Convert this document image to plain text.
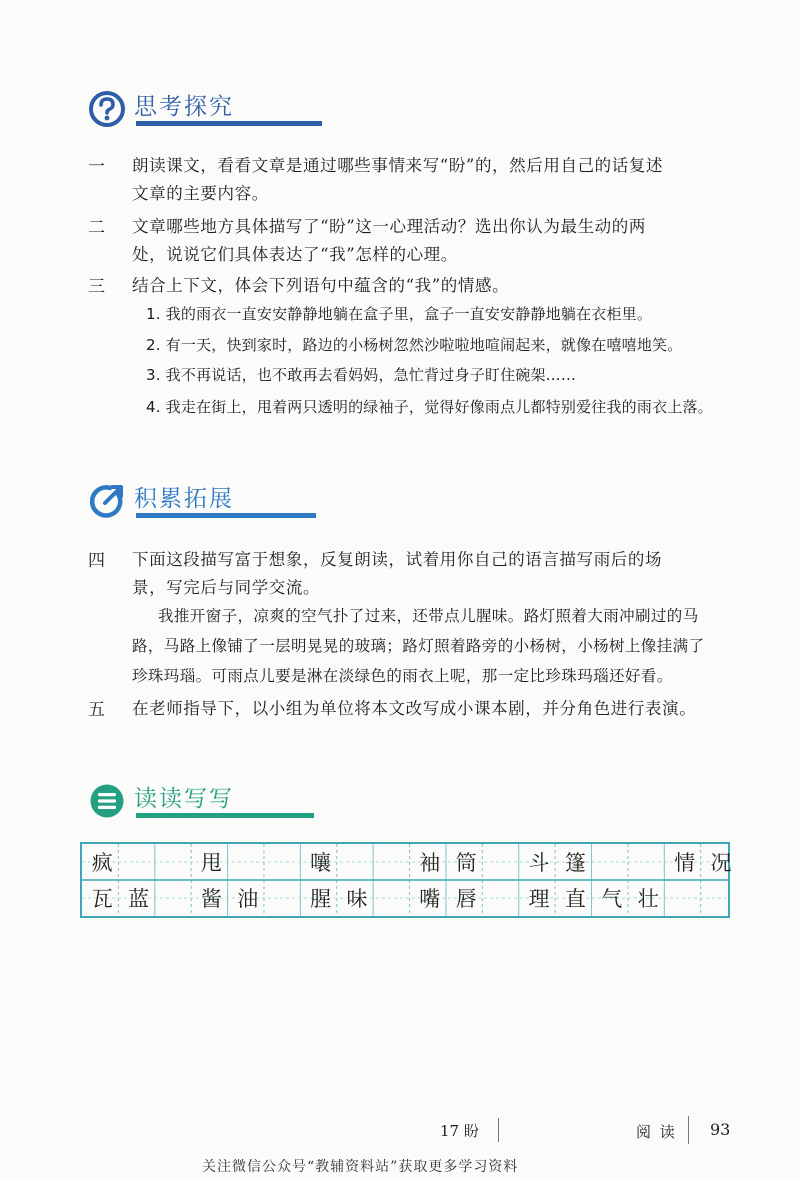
思考探究
一 朗读课文，看看文章是通过哪些事情来写“盼”的，然后用自己的话复述
文章的主要内容。
二 文章哪些地方具体描写了“盼”这一心理活动？选出你认为最生动的两
处，说说它们具体表达了“我”怎样的心理。
三 结合上下文，体会下列语句中蕴含的“我”的情感。
1. 我的雨衣一直安安静静地躺在盒子里，盒子一直安安静静地躺在衣柜里。
2. 有一天，快到家时，路边的小杨树忽然沙啦啦地喧闹起来，就像在嘻嘻地笑。
3. 我不再说话，也不敢再去看妈妈，急忙背过身子盯住碗架……
4. 我走在街上，甩着两只透明的绿袖子，觉得好像雨点儿都特别爱往我的雨衣上落。
积累拓展
四 下面这段描写富于想象，反复朗读，试着用你自己的语言描写雨后的场
景，写完后与同学交流。
我推开窗子，凉爽的空气扑了过来，还带点儿腥味。路灯照着大雨冲刷过的马
路，马路上像铺了一层明晃晃的玻璃；路灯照着路旁的小杨树，小杨树上像挂满了
珍珠玛瑙。可雨点儿要是淋在淡绿色的雨衣上呢，那一定比珍珠玛瑙还好看。
五 在老师指导下，以小组为单位将本文改写成小课本剧，并分角色进行表演。
读读写写
疯	甩	嚷	袖 筒	斗 篷	情 况
瓦 蓝	酱 油	腥 味	嘴 唇	理 直 气 壮
17 盼	阅 读 93
关注微信公众号“教辅资料站”获取更多学习资料
